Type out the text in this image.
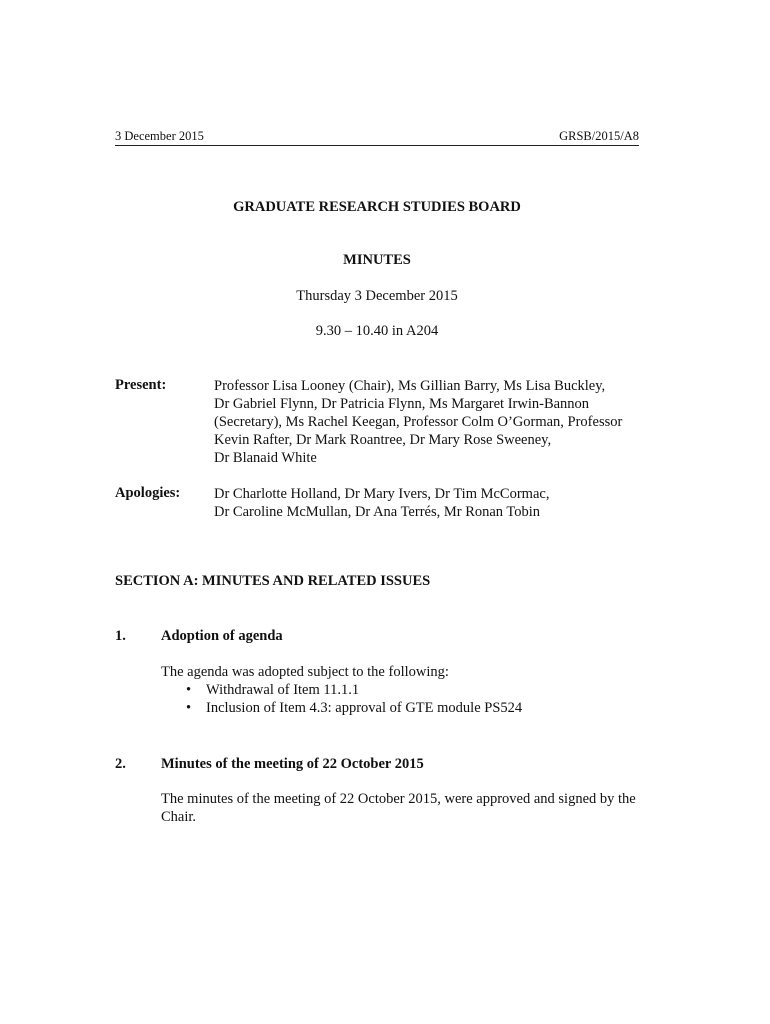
3 December 2015	GRSB/2015/A8
GRADUATE RESEARCH STUDIES BOARD
MINUTES
Thursday 3 December 2015
9.30 – 10.40 in A204
Present:	Professor Lisa Looney (Chair), Ms Gillian Barry, Ms Lisa Buckley,
Dr Gabriel Flynn, Dr Patricia Flynn, Ms Margaret Irwin-Bannon
(Secretary), Ms Rachel Keegan, Professor Colm O’Gorman, Professor
Kevin Rafter, Dr Mark Roantree, Dr Mary Rose Sweeney,
Dr Blanaid White
Apologies: Dr Charlotte Holland, Dr Mary Ivers, Dr Tim McCormac,
Dr Caroline McMullan, Dr Ana Terrés, Mr Ronan Tobin
SECTION A: MINUTES AND RELATED ISSUES
1. Adoption of agenda
The agenda was adopted subject to the following:
• Withdrawal of Item 11.1.1
• Inclusion of Item 4.3: approval of GTE module PS524
2. Minutes of the meeting of 22 October 2015
The minutes of the meeting of 22 October 2015, were approved and signed by the
Chair.
